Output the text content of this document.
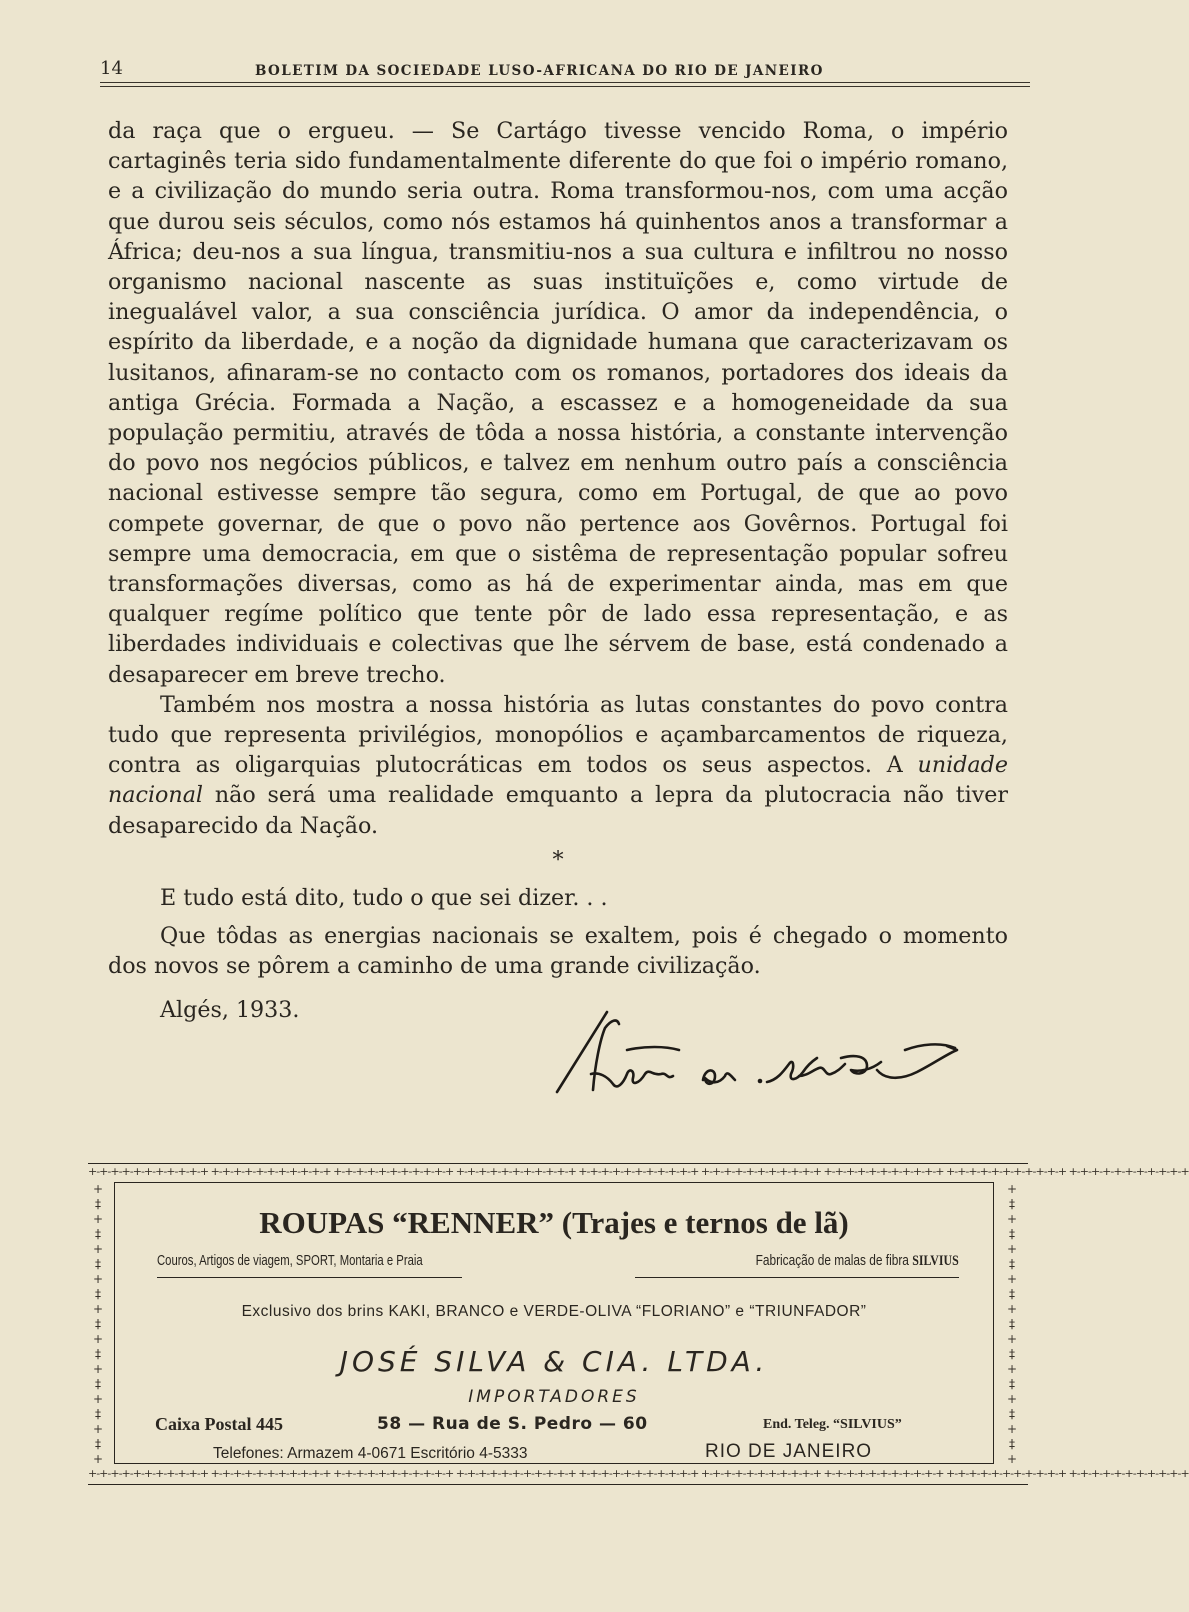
14	BOLETIM DA SOCIEDADE LUSO-AFRICANA DO RIO DE JANEIRO

da raça que o ergueu. — Se Cartágo tivesse vencido Roma, o império cartaginês teria sido fundamentalmente diferente do que foi o império romano, e a civilização do mundo seria outra. Roma transformou-nos, com uma acção que durou seis séculos, como nós estamos há quinhentos anos a transformar a África; deu-nos a sua língua, transmitiu-nos a sua cultura e infiltrou no nosso organismo nacional nascente as suas instituïções e, como virtude de inegualável valor, a sua consciência jurídica. O amor da independência, o espírito da liberdade, e a noção da dignidade humana que caracterizavam os lusitanos, afinaram-se no contacto com os romanos, portadores dos ideais da antiga Grécia. Formada a Nação, a escassez e a homogeneidade da sua população permitiu, através de tôda a nossa história, a constante intervenção do povo nos negócios públicos, e talvez em nenhum outro país a consciência nacional estivesse sempre tão segura, como em Portugal, de que ao povo compete governar, de que o povo não pertence aos Govêrnos. Portugal foi sempre uma democracia, em que o sistêma de representação popular sofreu transformações diversas, como as há de experimentar ainda, mas em que qualquer regíme político que tente pôr de lado essa representação, e as liberdades individuais e colectivas que lhe sérvem de base, está condenado a desaparecer em breve trecho.

Também nos mostra a nossa história as lutas constantes do povo contra tudo que representa privilégios, monopólios e açambarcamentos de riqueza, contra as oligarquias plutocráticas em todos os seus aspectos. A unidade nacional não será uma realidade emquanto a lepra da plutocracia não tiver desaparecido da Nação.

*

E tudo está dito, tudo o que sei dizer. . .

Que tôdas as energias nacionais se exaltem, pois é chegado o momento dos novos se pôrem a caminho de uma grande civilização.

Algés, 1933.

+-+-+-+-+-+-+-+-+-+-+ +-+-+-+-+-+-+-+-+-+-+ +-+-+-+-+-+-+-+-+-+-+ +-+-+-+-+-+-+-+-+-+-+ +-+-+-+-+-+-+-+-+-+-+ +-+-+-+-+-+-+-+-+-+-+ +-+-+-+-+-+-+-+-+-+-+ +-+-+-+-+-+-+-+-+-+-+ +-+-+-+-+-+-+-+-+-+-+
+-+-+-+-+-+-+-+-+-+-+ +-+-+-+-+-+-+-+-+-+-+ +-+-+-+-+-+-+-+-+-+-+ +-+-+-+-+-+-+-+-+-+-+ +-+-+-+-+-+-+-+-+-+-+ +-+-+-+-+-+-+-+-+-+-+ +-+-+-+-+-+-+-+-+-+-+ +-+-+-+-+-+-+-+-+-+-+ +-+-+-+-+-+-+-+-+-+-+
+
‡
+
‡
+
‡
+
‡
+
‡
+
‡
+
‡
+
‡
+
‡
+
+
‡
+
‡
+
‡
+
‡
+
‡
+
‡
+
‡
+
‡
+
‡
+
ROUPAS “RENNER” (Trajes e ternos de lã)
Couros, Artigos de viagem, SPORT, Montaria e Praia	Fabricação de malas de fibra SILVIUS
Exclusivo dos brins KAKI, BRANCO e VERDE-OLIVA “FLORIANO” e “TRIUNFADOR”
JOSÉ SILVA & CIA. LTDA.
IMPORTADORES
Caixa Postal 445	58 — Rua de S. Pedro — 60	End. Teleg. “SILVIUS”
Telefones: Armazem 4-0671 Escritório 4-5333	RIO DE JANEIRO
